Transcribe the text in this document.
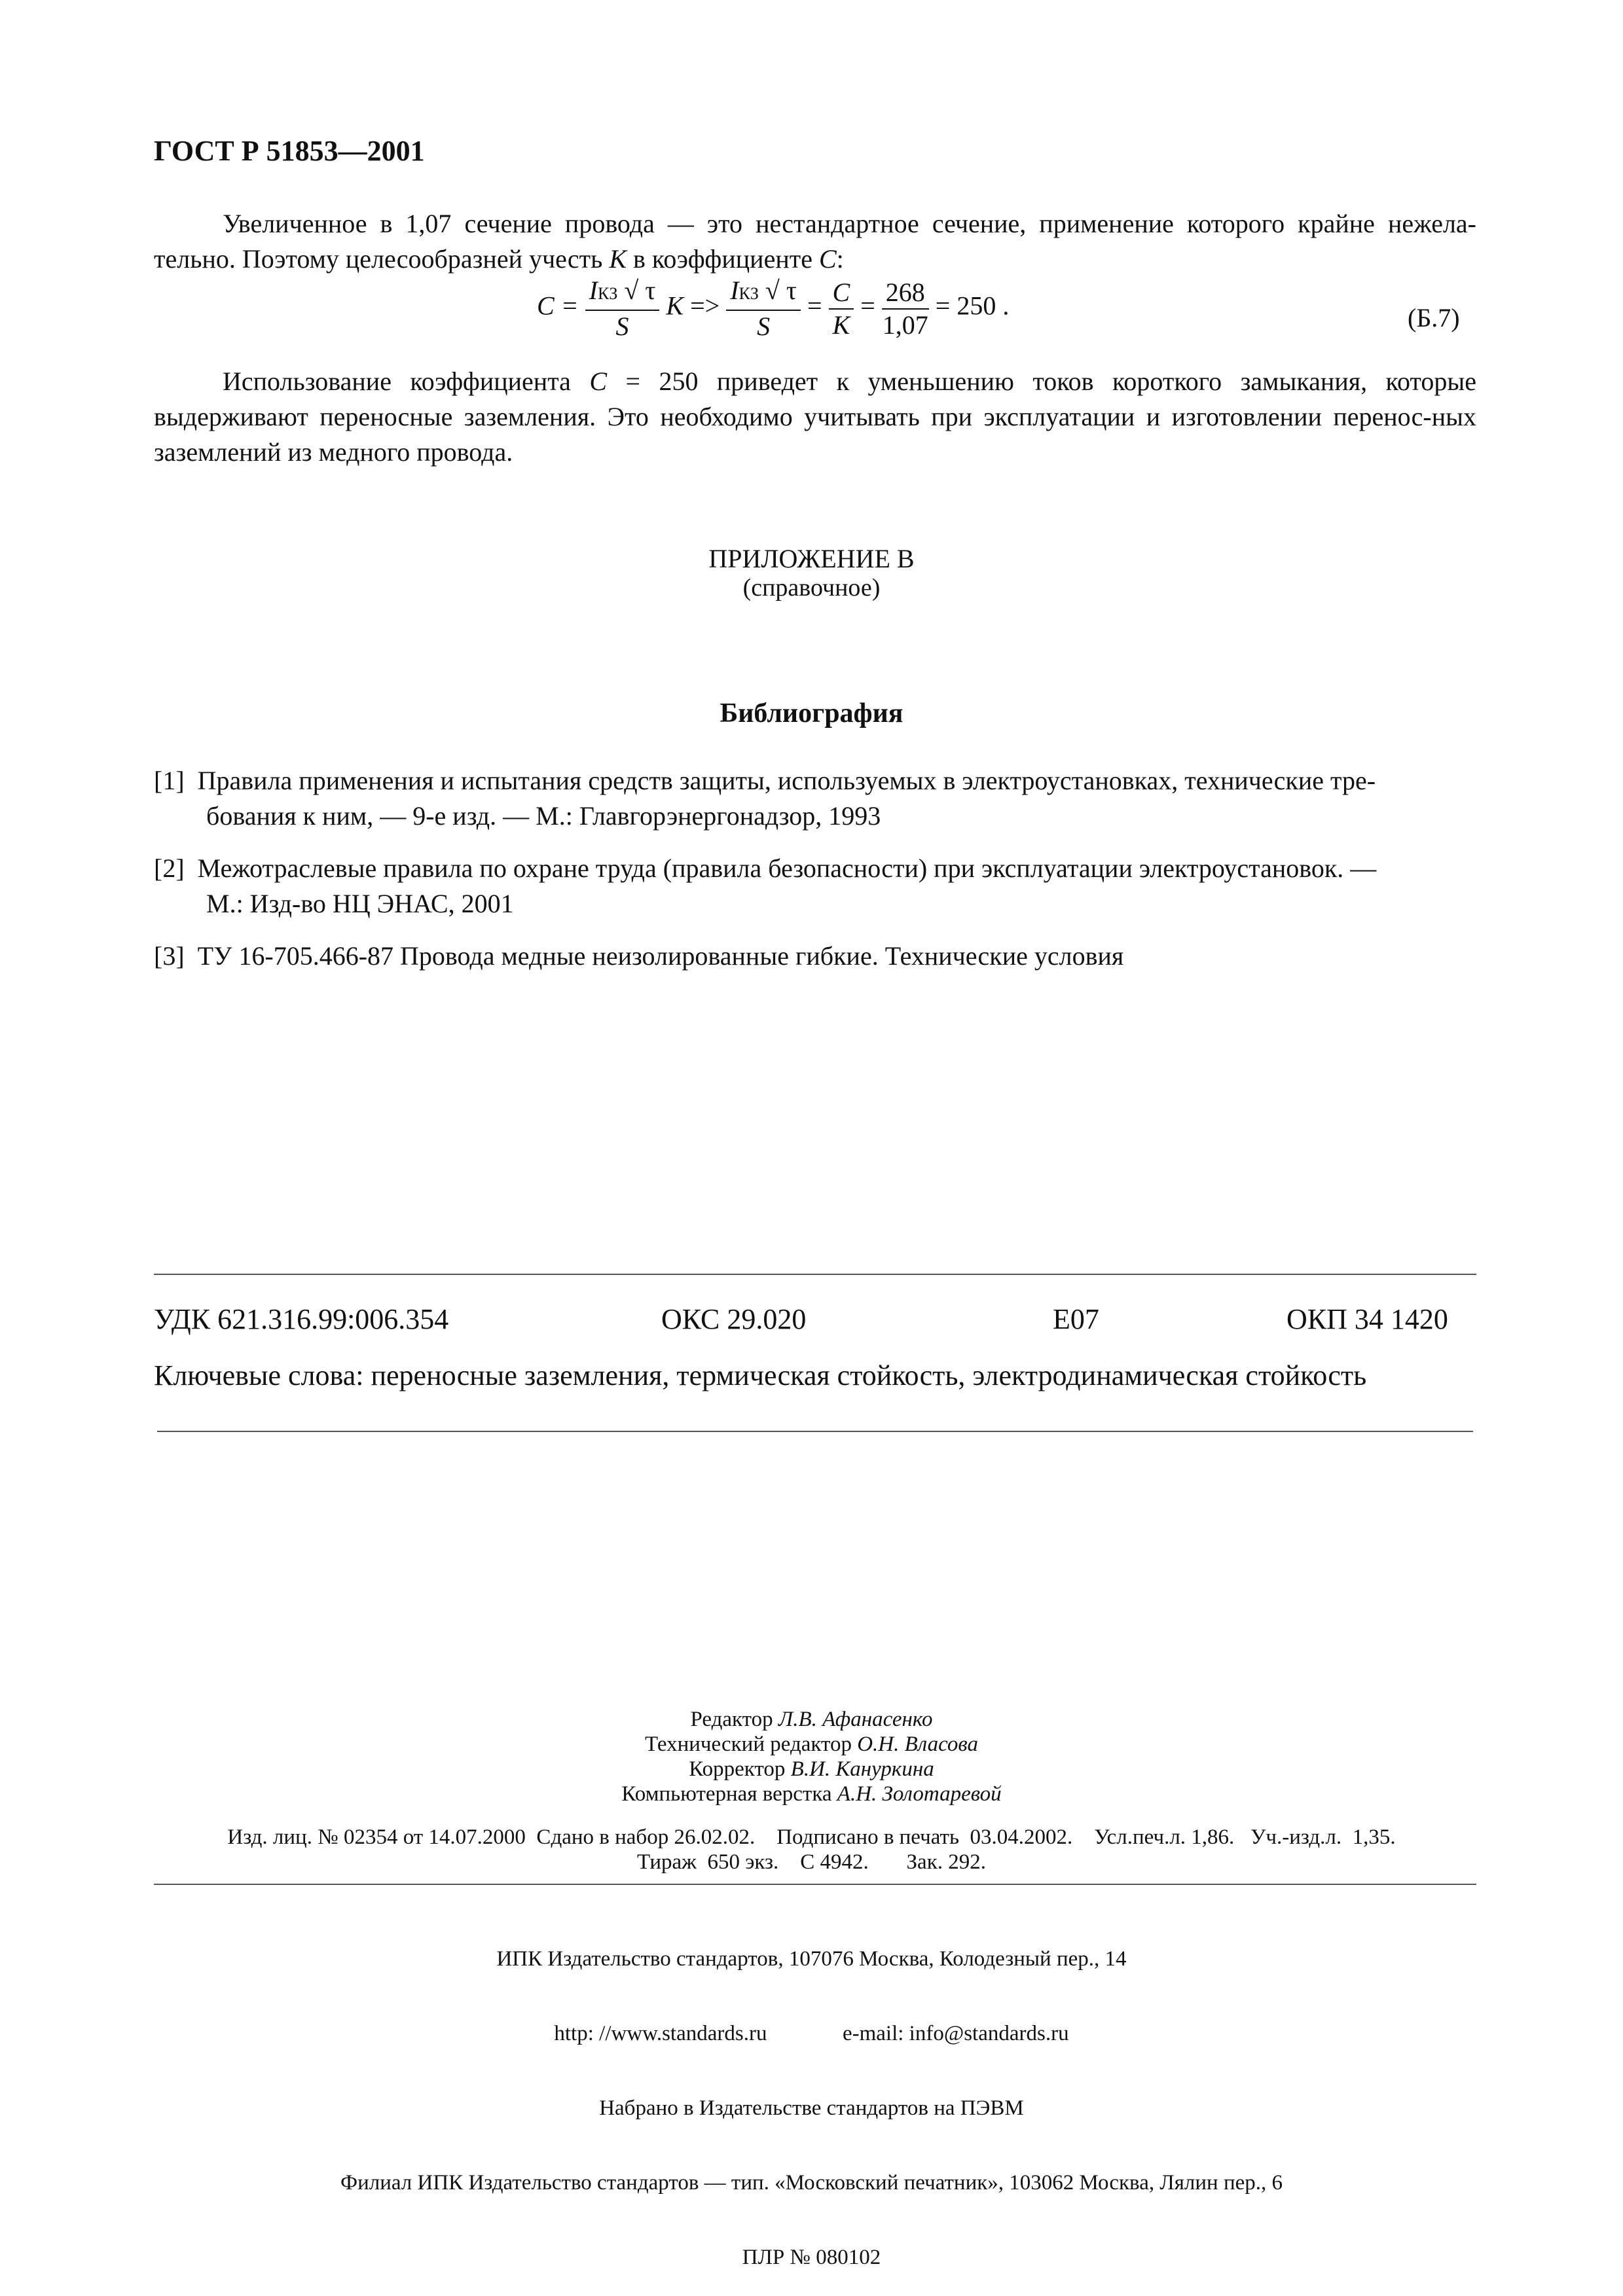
ГОСТ Р 51853—2001
Увеличенное в 1,07 сечение провода — это нестандартное сечение, применение которого крайне нежела-тельно. Поэтому целесообразней учесть K в коэффициенте C:
$C = \frac{\text{IКЗ √ τ}}{S}$ $K => \frac{\text{IКЗ √ τ}}{S} = \frac{C}{K} = \frac{268}{1,07} = 250$ .	(Б.7)
Использование коэффициента C = 250 приведет к уменьшению токов короткого замыкания, которые выдерживают переносные заземления. Это необходимо учитывать при эксплуатации и изготовлении перенос-ных заземлений из медного провода.
ПРИЛОЖЕНИЕ В
(справочное)
Библиография
[1] Правила применения и испытания средств защиты, используемых в электроустановках, технические тре-
бования к ним, — 9-е изд. — М.: Главгорэнергонадзор, 1993
[2] Межотраслевые правила по охране труда (правила безопасности) при эксплуатации электроустановок. —
М.: Изд-во НЦ ЭНАС, 2001
[3] ТУ 16-705.466-87 Провода медные неизолированные гибкие. Технические условия
УДК 621.316.99:006.354	ОКС 29.020	Е07	ОКП 34 1420
Ключевые слова: переносные заземления, термическая стойкость, электродинамическая стойкость
Редактор Л.В. Афанасенко
Технический редактор О.Н. Власова
Корректор В.И. Кануркина
Компьютерная верстка А.Н. Золотаревой
Изд. лиц. № 02354 от 14.07.2000  Сдано в набор 26.02.02.    Подписано в печать  03.04.2002.    Усл.печ.л. 1,86.   Уч.-изд.л.  1,35.
Тираж  650 экз.    С 4942.       Зак. 292.

ИПК Издательство стандартов, 107076 Москва, Колодезный пер., 14

http: //www.standards.ru              e-mail: info@standards.ru

Набрано в Издательстве стандартов на ПЭВМ

Филиал ИПК Издательство стандартов — тип. «Московский печатник», 103062 Москва, Лялин пер., 6

ПЛР № 080102
